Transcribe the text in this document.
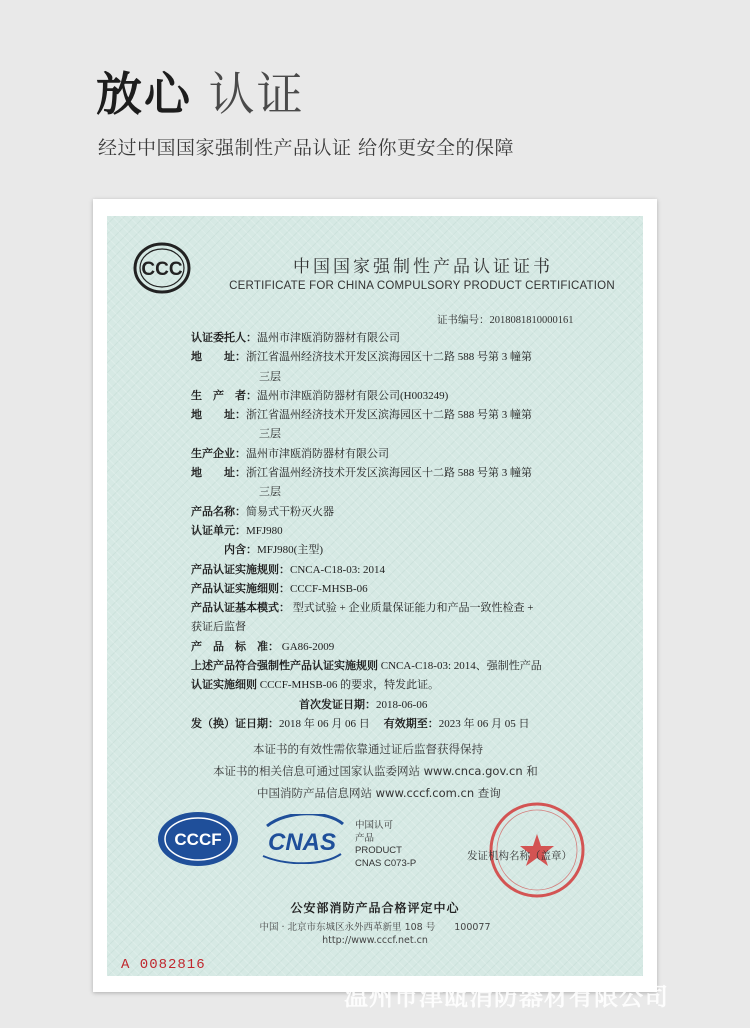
放心 认证
经过中国国家强制性产品认证 给你更安全的保障
CCC	中国国家强制性产品认证证书
CERTIFICATE FOR CHINA COMPULSORY PRODUCT CERTIFICATION
证书编号：2018081810000161
认证委托人： 温州市津瓯消防器材有限公司
地　　址： 浙江省温州经济技术开发区滨海园区十二路 588 号第 3 幢第
三层
生　产　者： 温州市津瓯消防器材有限公司(H003249)
地　　址： 浙江省温州经济技术开发区滨海园区十二路 588 号第 3 幢第
三层
生产企业： 温州市津瓯消防器材有限公司
地　　址： 浙江省温州经济技术开发区滨海园区十二路 588 号第 3 幢第
三层
产品名称： 简易式干粉灭火器
认证单元： MFJ980
　　　内含： MFJ980(主型)
产品认证实施规则： CNCA-C18-03: 2014
产品认证实施细则： CCCF-MHSB-06
产品认证基本模式： 型式试验 + 企业质量保证能力和产品一致性检查 +
获证后监督
产　品　标　准： GA86-2009
上述产品符合强制性产品认证实施规则 CNCA-C18-03: 2014、强制性产品
认证实施细则 CCCF-MHSB-06 的要求，特发此证。
首次发证日期： 2018-06-06
发（换）证日期： 2018 年 06 月 06 日 有效期至： 2023 年 06 月 05 日
本证书的有效性需依靠通过证后监督获得保持
本证书的相关信息可通过国家认监委网站 www.cnca.gov.cn 和
中国消防产品信息网站 www.cccf.com.cn 查询
CCCF CNAS
中国认可
产品
PRODUCT
CNAS C073-P
发证机构名称（盖章）
公安部消防产品合格评定中心
中国 · 北京市东城区永外西革新里 108 号　　100077
http://www.cccf.net.cn
A 0082816
温州市津瓯消防器材有限公司
